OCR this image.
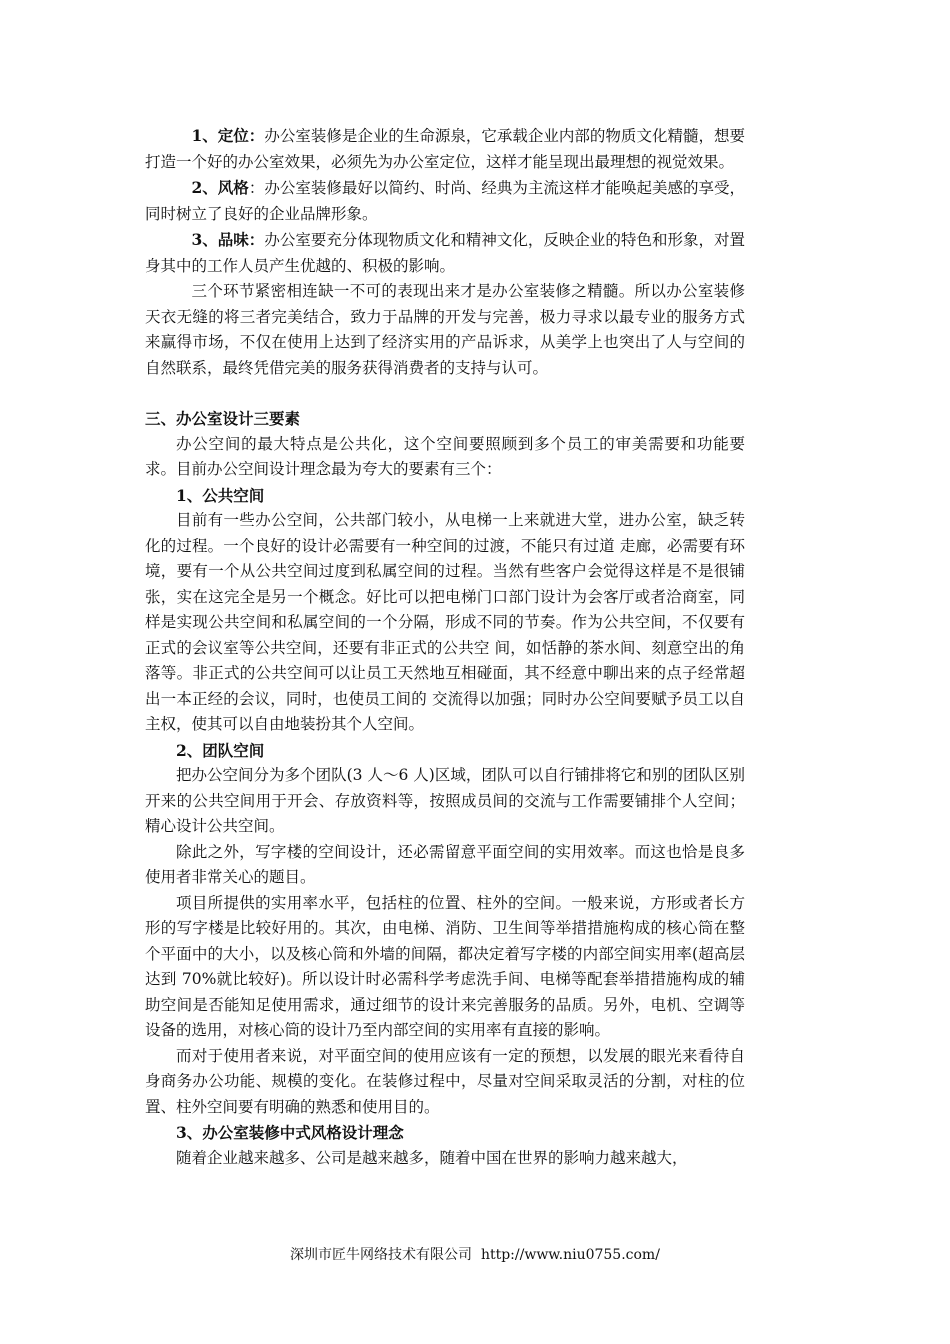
1、定位：办公室装修是企业的生命源泉，它承载企业内部的物质文化精髓，想要打造一个好的办公室效果，必须先为办公室定位，这样才能呈现出最理想的视觉效果。

2、风格：办公室装修最好以简约、时尚、经典为主流这样才能唤起美感的享受，同时树立了良好的企业品牌形象。

3、品味：办公室要充分体现物质文化和精神文化，反映企业的特色和形象，对置身其中的工作人员产生优越的、积极的影响。

三个环节紧密相连缺一不可的表现出来才是办公室装修之精髓。所以办公室装修天衣无缝的将三者完美结合，致力于品牌的开发与完善，极力寻求以最专业的服务方式来赢得市场，不仅在使用上达到了经济实用的产品诉求，从美学上也突出了人与空间的自然联系，最终凭借完美的服务获得消费者的支持与认可。

三、办公室设计三要素

办公空间的最大特点是公共化，这个空间要照顾到多个员工的审美需要和功能要求。目前办公空间设计理念最为夸大的要素有三个：

1、公共空间

目前有一些办公空间，公共部门较小，从电梯一上来就进大堂，进办公室，缺乏转化的过程。一个良好的设计必需要有一种空间的过渡，不能只有过道 走廊，必需要有环境，要有一个从公共空间过度到私属空间的过程。当然有些客户会觉得这样是不是很铺张，实在这完全是另一个概念。好比可以把电梯门口部门设计为会客厅或者洽商室，同样是实现公共空间和私属空间的一个分隔，形成不同的节奏。作为公共空间，不仅要有正式的会议室等公共空间，还要有非正式的公共空 间，如恬静的茶水间、刻意空出的角落等。非正式的公共空间可以让员工天然地互相碰面，其不经意中聊出来的点子经常超出一本正经的会议，同时，也使员工间的 交流得以加强；同时办公空间要赋予员工以自主权，使其可以自由地装扮其个人空间。

2、团队空间

把办公空间分为多个团队(3 人～6 人)区域，团队可以自行铺排将它和别的团队区别开来的公共空间用于开会、存放资料等，按照成员间的交流与工作需要铺排个人空间；精心设计公共空间。

除此之外，写字楼的空间设计，还必需留意平面空间的实用效率。而这也恰是良多使用者非常关心的题目。

项目所提供的实用率水平，包括柱的位置、柱外的空间。一般来说，方形或者长方形的写字楼是比较好用的。其次，由电梯、消防、卫生间等举措措施构成的核心筒在整个平面中的大小，以及核心筒和外墙的间隔，都决定着写字楼的内部空间实用率(超高层达到 70%就比较好)。所以设计时必需科学考虑洗手间、电梯等配套举措措施构成的辅助空间是否能知足使用需求，通过细节的设计来完善服务的品质。另外，电机、空调等设备的选用，对核心筒的设计乃至内部空间的实用率有直接的影响。

而对于使用者来说，对平面空间的使用应该有一定的预想，以发展的眼光来看待自身商务办公功能、规模的变化。在装修过程中，尽量对空间采取灵活的分割，对柱的位置、柱外空间要有明确的熟悉和使用目的。

3、办公室装修中式风格设计理念

随着企业越来越多、公司是越来越多，随着中国在世界的影响力越来越大，

深圳市匠牛网络技术有限公司 http://www.niu0755.com/
